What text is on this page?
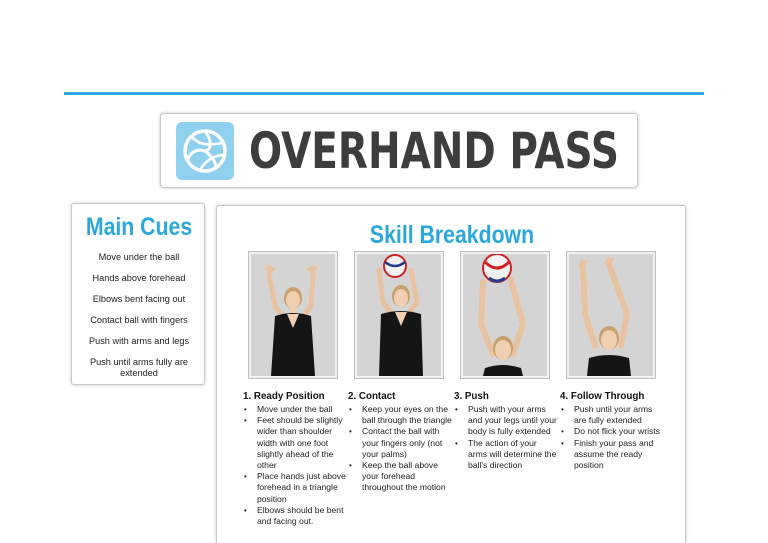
OVERHAND PASS
Main Cues
Move under the ball
Hands above forehead
Elbows bent facing out
Contact ball with fingers
Push with arms and legs
Push until arms fully are extended
Skill Breakdown
1. Ready Position
• Move under the ball
• Feet should be slightly wider than shoulder width with one foot slightly ahead of the other
• Place hands just above forehead in a triangle position
• Elbows should be bent and facing out.
2. Contact
• Keep your eyes on the ball through the triangle
• Contact the ball with your fingers only (not your palms)
• Keep the ball above your forehead throughout the motion
3. Push
• Push with your arms and your legs until your body is fully extended
• The action of your arms will determine the ball's direction
4. Follow Through
• Push until your arms are fully extended
• Do not flick your wrists
• Finish your pass and assume the ready position
